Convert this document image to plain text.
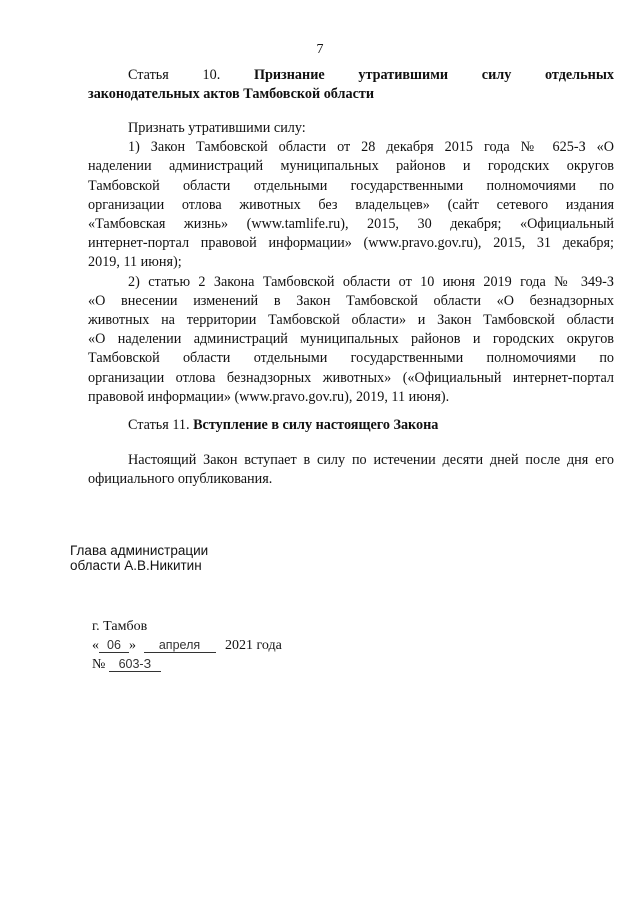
7
Статья 10. Признание утратившими силу отдельных
законодательных актов Тамбовской области
Признать утратившими силу:
1) Закон Тамбовской области от 28 декабря 2015 года № 625-З «О
наделении администраций муниципальных районов и городских округов
Тамбовской области отдельными государственными полномочиями по
организации отлова животных без владельцев» (сайт сетевого издания
«Тамбовская жизнь» (www.tamlife.ru), 2015, 30 декабря; «Официальный
интернет-портал правовой информации» (www.pravo.gov.ru), 2015, 31 декабря;
2019, 11 июня);
2) статью 2 Закона Тамбовской области от 10 июня 2019 года № 349-З
«О внесении изменений в Закон Тамбовской области «О безнадзорных
животных на территории Тамбовской области» и Закон Тамбовской области
«О наделении администраций муниципальных районов и городских округов
Тамбовской области отдельными государственными полномочиями по
организации отлова безнадзорных животных» («Официальный интернет-портал
правовой информации» (www.pravo.gov.ru), 2019, 11 июня).
Статья 11. Вступление в силу настоящего Закона
Настоящий Закон вступает в силу по истечении десяти дней после дня его
официального опубликования.
Глава администрации
области А.В.Никитин
г. Тамбов
« 06 » апреля 2021 года
№ 603-З
